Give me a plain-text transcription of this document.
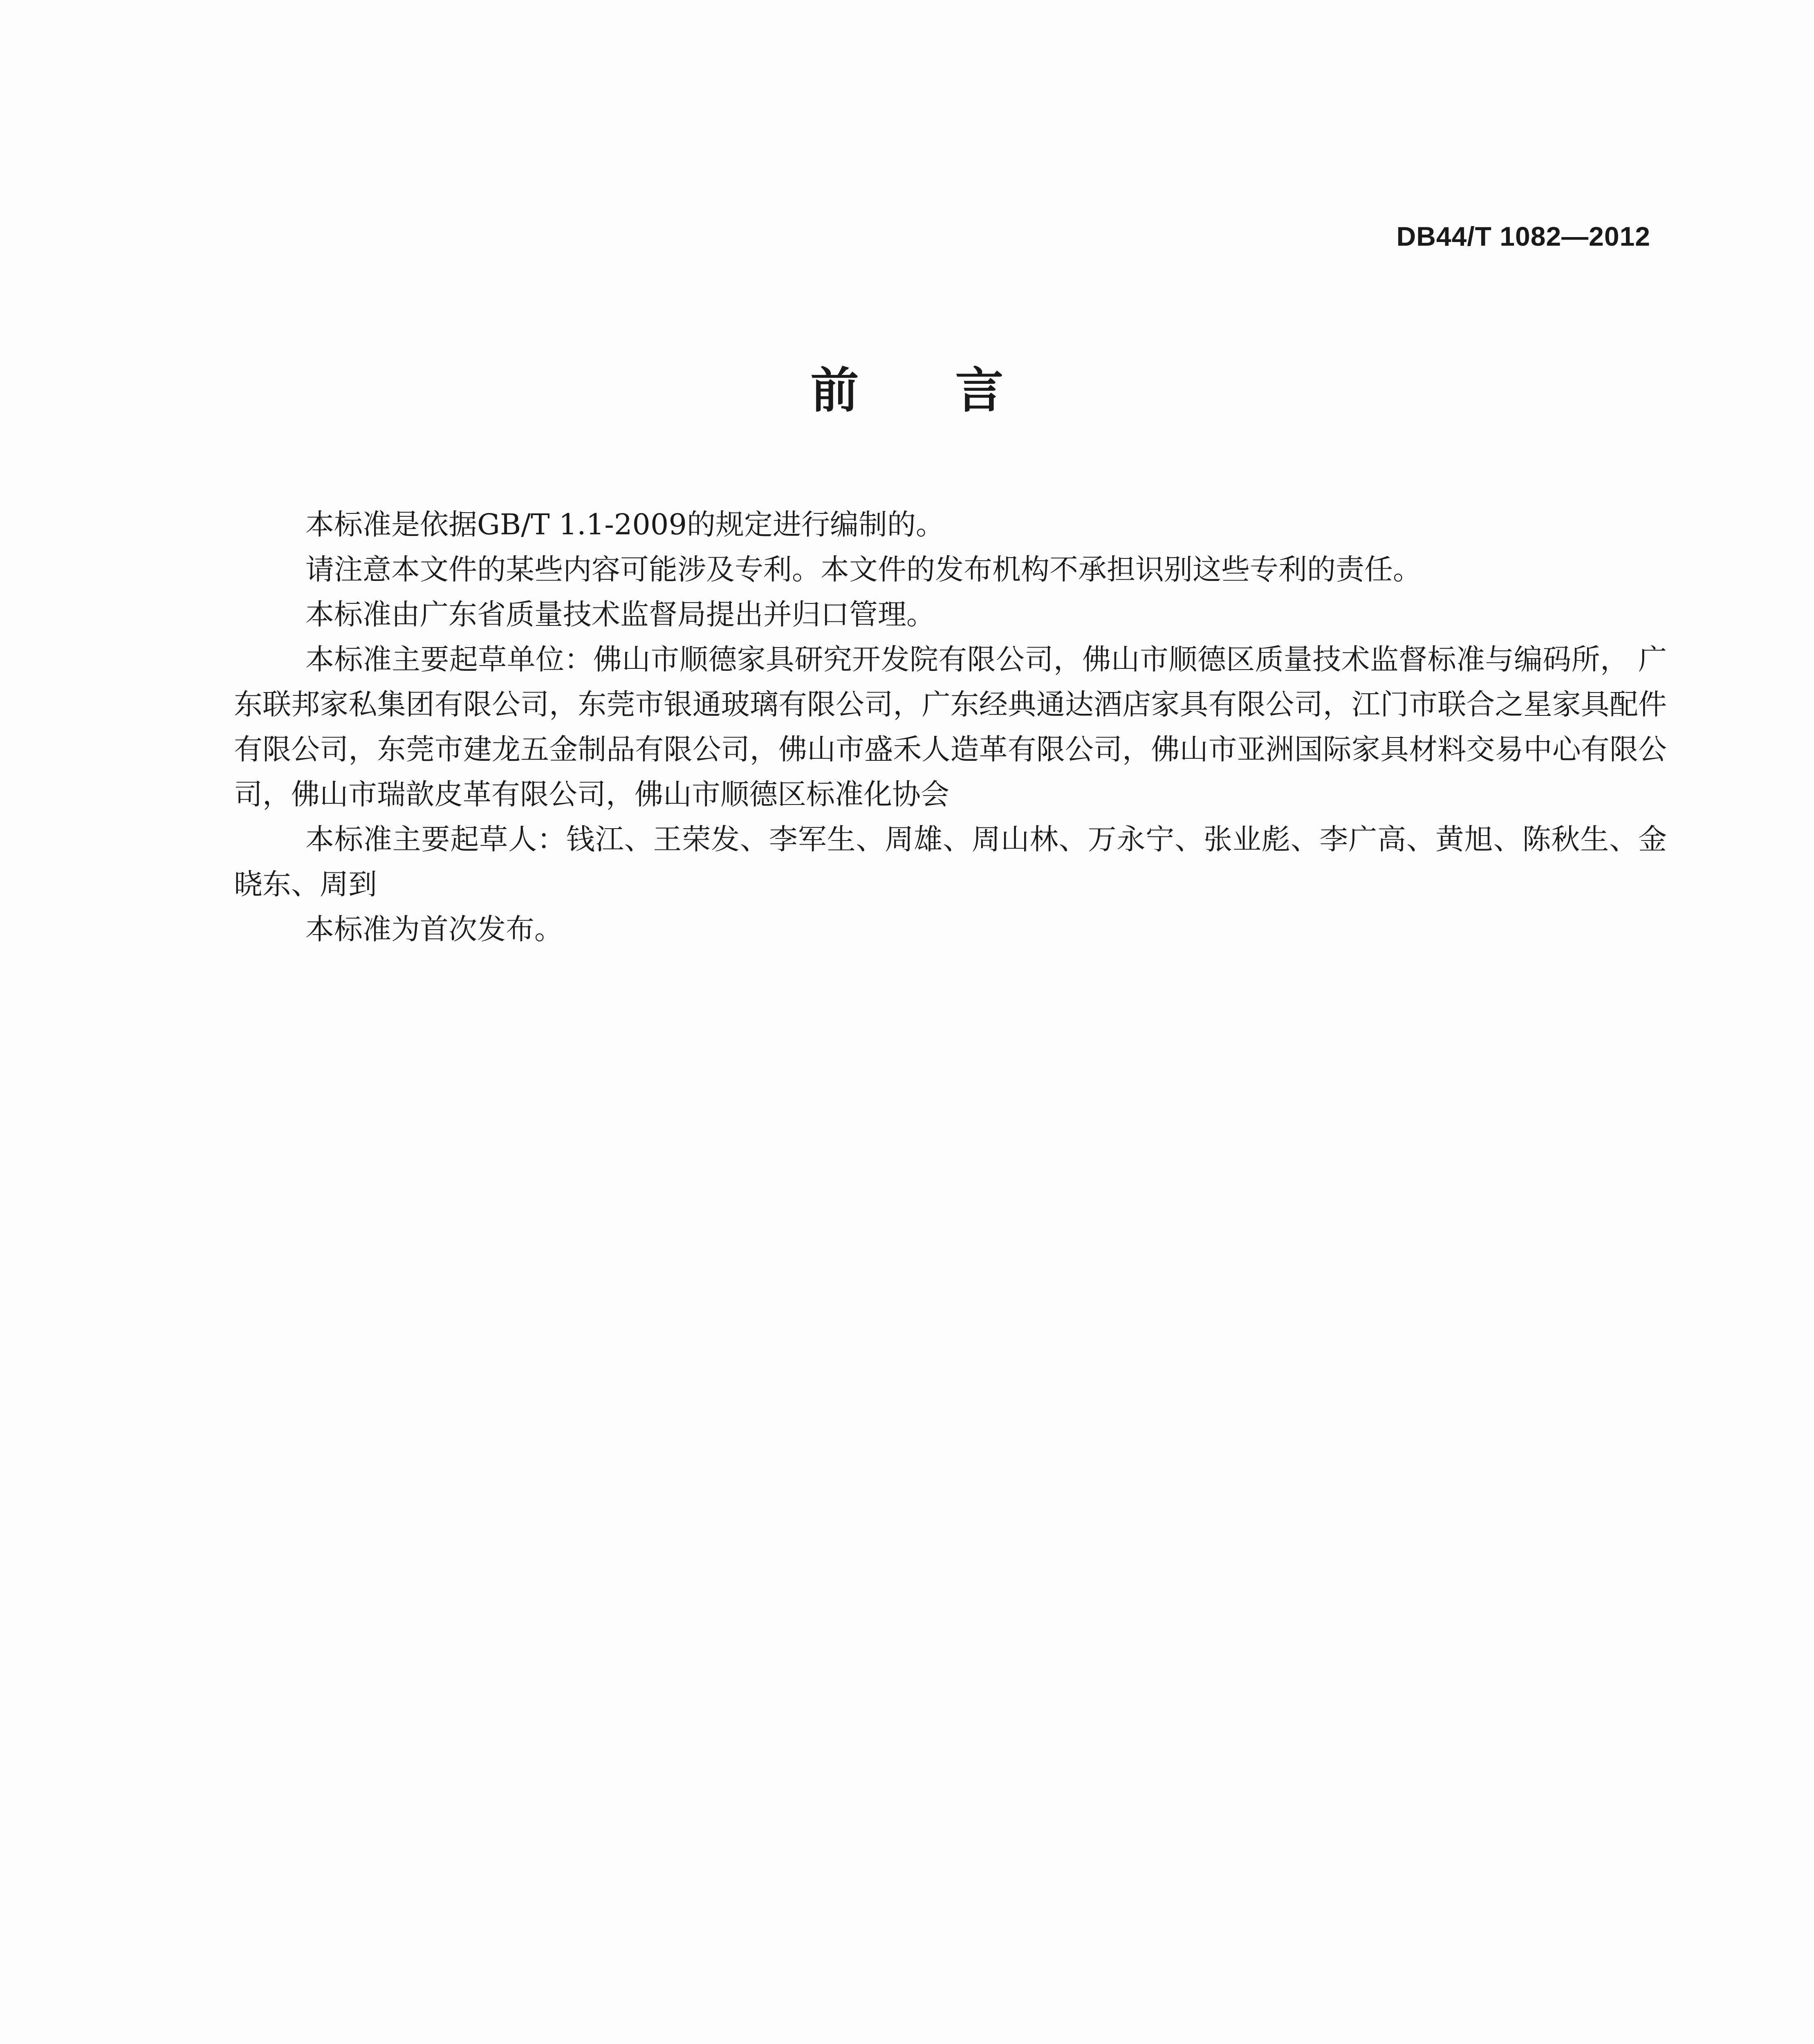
DB44/T 1082—2012
前言

本标准是依据GB/T 1.1-2009的规定进行编制的。

请注意本文件的某些内容可能涉及专利。本文件的发布机构不承担识别这些专利的责任。

本标准由广东省质量技术监督局提出并归口管理。

本标准主要起草单位：佛山市顺德家具研究开发院有限公司，佛山市顺德区质量技术监督标准与编码所， 广东联邦家私集团有限公司，东莞市银通玻璃有限公司，广东经典通达酒店家具有限公司，江门市联合之星家具配件有限公司，东莞市建龙五金制品有限公司，佛山市盛禾人造革有限公司，佛山市亚洲国际家具材料交易中心有限公司，佛山市瑞歆皮革有限公司，佛山市顺德区标准化协会

本标准主要起草人：钱江、王荣发、李军生、周雄、周山林、万永宁、张业彪、李广高、黄旭、陈秋生、金晓东、周到

本标准为首次发布。
